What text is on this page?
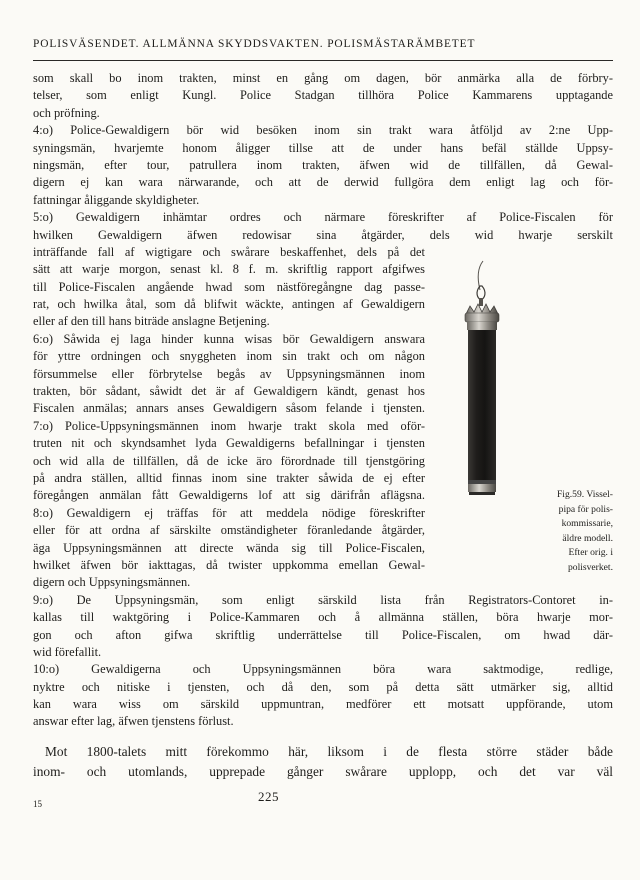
POLISVÄSENDET. ALLMÄNNA SKYDDSVAKTEN. POLISMÄSTARÄMBETET
som skall bo inom trakten, minst en gång om dagen, bör anmärka alla de förbry-
telser, som enligt Kungl. Police Stadgan tillhöra Police Kammarens upptagande
och pröfning.
4:o) Police-Gewaldigern bör wid besöken inom sin trakt wara åtföljd av 2:ne Upp-
syningsmän, hvarjemte honom åligger tillse att de under hans befäl ställde Uppsy-
ningsmän, efter tour, patrullera inom trakten, äfwen wid de tillfällen, då Gewal-
digern ej kan wara närwarande, och att de derwid fullgöra dem enligt lag och för-
fattningar åliggande skyldigheter.
5:o) Gewaldigern inhämtar ordres och närmare föreskrifter af Police-Fiscalen för
hwilken Gewaldigern äfwen redowisar sina åtgärder, dels wid hwarje serskilt
inträffande fall af wigtigare och swårare beskaffenhet, dels på det
sätt att warje morgon, senast kl. 8 f. m. skriftlig rapport afgifwes
till Police-Fiscalen angående hwad som nästföregångne dag passe-
rat, och hwilka åtal, som då blifwit wäckte, antingen af Gewaldigern
eller af den till hans biträde anslagne Betjening.
6:o) Såwida ej laga hinder kunna wisas bör Gewaldigern answara
för yttre ordningen och snyggheten inom sin trakt och om någon
försummelse eller förbrytelse begås av Uppsyningsmännen inom
trakten, bör sådant, såwidt det är af Gewaldigern kändt, genast hos
Fiscalen anmälas; annars anses Gewaldigern såsom felande i tjensten.
7:o) Police-Uppsyningsmännen inom hwarje trakt skola med oför-
truten nit och skyndsamhet lyda Gewaldigerns befallningar i tjensten
och wid alla de tillfällen, då de icke äro förordnade till tjenstgöring
på andra ställen, alltid finnas inom sine trakter såwida de ej efter
föregången anmälan fått Gewaldigerns lof att sig därifrån aflägsna.
8:o) Gewaldigern ej träffas för att meddela nödige föreskrifter
eller för att ordna af särskilte omständigheter föranledande åtgärder,
äga Uppsyningsmännen att directe wända sig till Police-Fiscalen,
hwilket äfwen bör iakttagas, då twister uppkomma emellan Gewal-
digern och Uppsyningsmännen.
9:o) De Uppsyningsmän, som enligt särskild lista från Registrators-Contoret in-
kallas till waktgöring i Police-Kammaren och å allmänna ställen, böra hwarje mor-
gon och afton gifwa skriftlig underrättelse till Police-Fiscalen, om hwad där-
wid förefallit.
10:o) Gewaldigerna och Uppsyningsmännen böra wara saktmodige, redlige,
nyktre och nitiske i tjensten, och då den, som på detta sätt utmärker sig, alltid
kan wara wiss om särskild uppmuntran, medförer ett motsatt uppförande, utom
answar efter lag, äfwen tjenstens förlust.
Mot 1800-talets mitt förekommo här, liksom i de flesta större städer både
inom- och utomlands, upprepade gånger swårare upplopp, och det var väl
Fig.59. Vissel-
pipa för polis-
kommissarie,
äldre modell.
Efter orig. i
polisverket.
15	225
